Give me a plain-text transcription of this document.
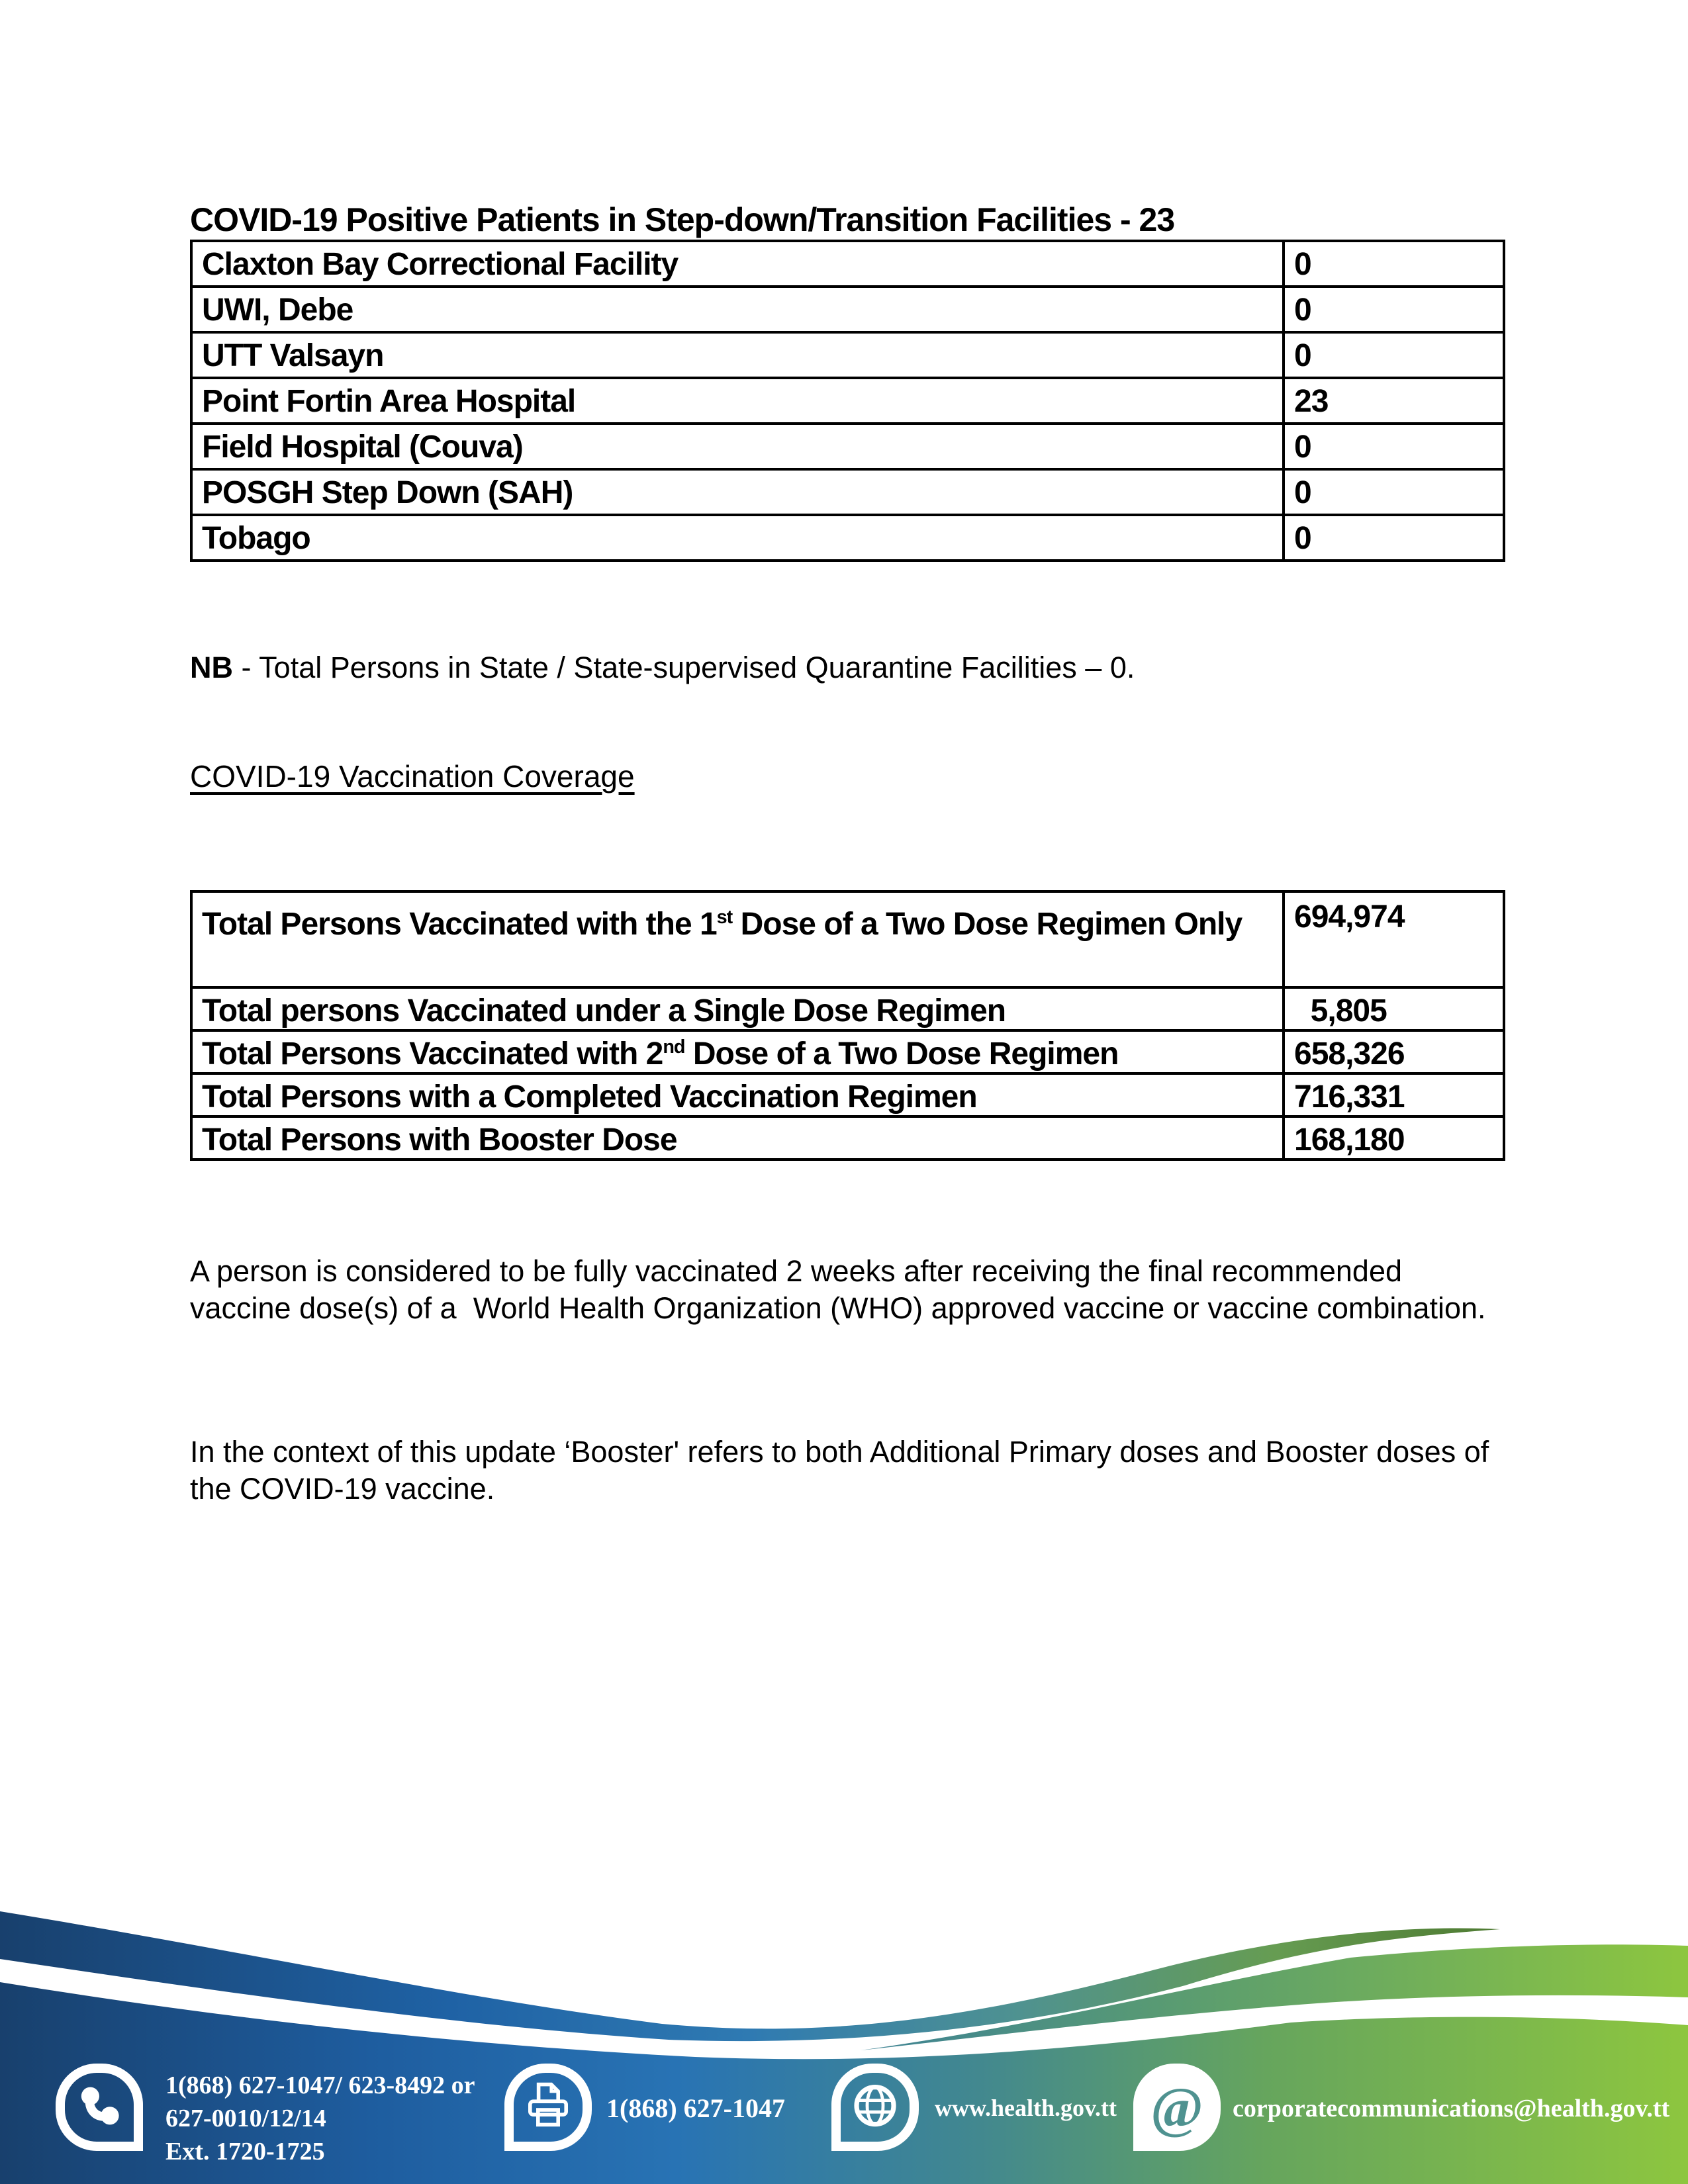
COVID-19 Positive Patients in Step-down/Transition Facilities - 23
Claxton Bay Correctional Facility	0
UWI, Debe	0
UTT Valsayn	0
Point Fortin Area Hospital	23
Field Hospital (Couva)	0
POSGH Step Down (SAH)	0
Tobago	0
NB - Total Persons in State / State-supervised Quarantine Facilities – 0.
COVID-19 Vaccination Coverage
Total Persons Vaccinated with the 1st Dose of a Two Dose Regimen Only	694,974
Total persons Vaccinated under a Single Dose Regimen	5,805
Total Persons Vaccinated with 2nd Dose of a Two Dose Regimen	658,326
Total Persons with a Completed Vaccination Regimen	716,331
Total Persons with Booster Dose	168,180
A person is considered to be fully vaccinated 2 weeks after receiving the final recommended vaccine dose(s) of a  World Health Organization (WHO) approved vaccine or vaccine combination.
In the context of this update ‘Booster' refers to both Additional Primary doses and Booster doses of the COVID-19 vaccine.
1(868) 627-1047/ 623-8492 or
627-0010/12/14
Ext. 1720-1725
1(868) 627-1047	www.health.gov.tt @	corporatecommunications@health.gov.tt
